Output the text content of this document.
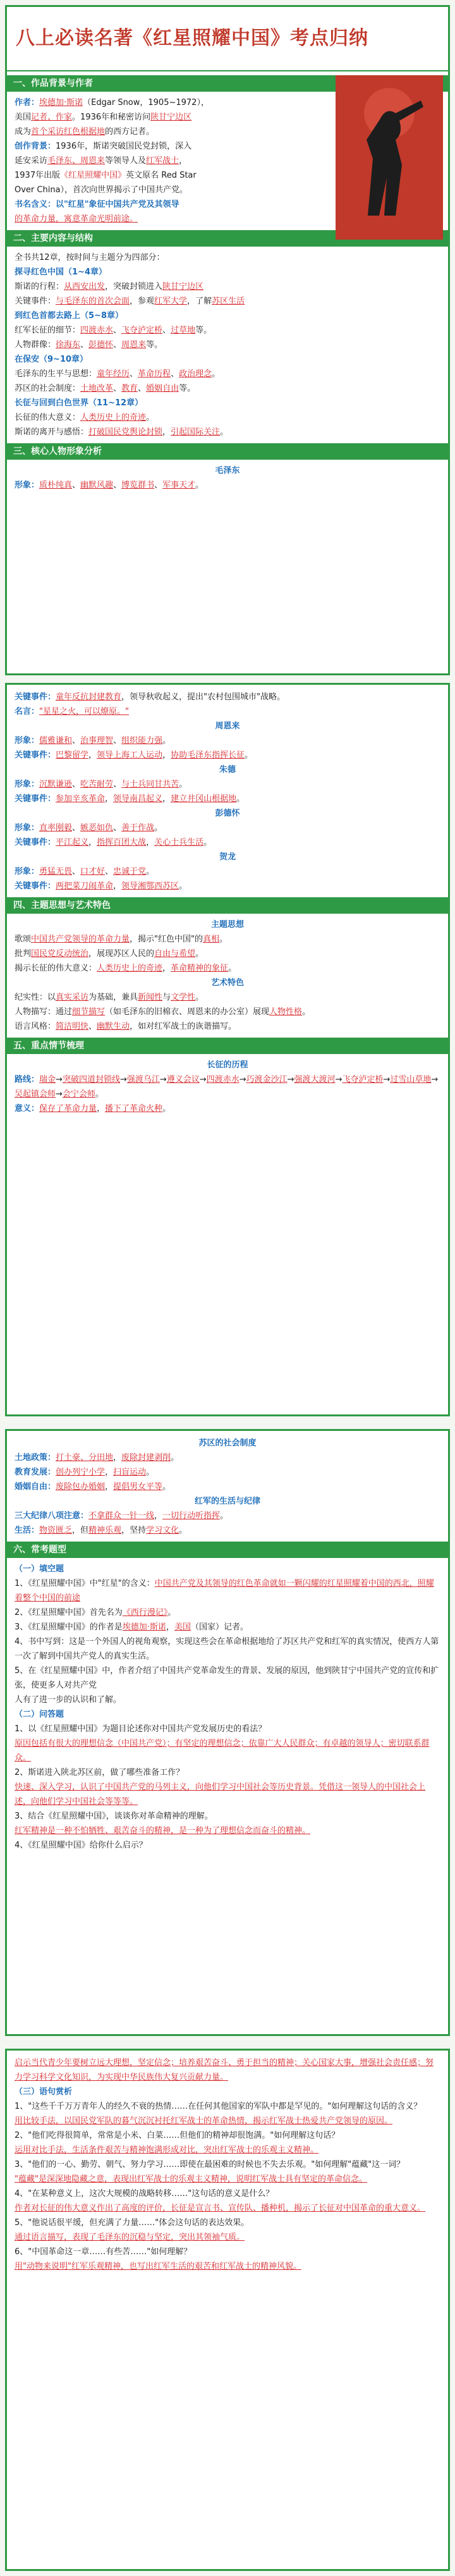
八上必读名著《红星照耀中国》考点归纳
一、作品背景与作者
作者：埃德加·斯诺（Edgar Snow，1905~1972），
美国记者、作家。1936年和秘密访问陕甘宁边区
成为首个采访红色根据地的西方记者。
创作背景：1936年，斯诺突破国民党封锁，深入
延安采访毛泽东、周恩来等领导人及红军战士，
1937年出版《红星照耀中国》英文原名 Red Star
Over China），首次向世界揭示了中国共产党。
书名含义：以"红星"象征中国共产党及其领导
的革命力量，寓意革命光明前途。
二、主要内容与结构
全书共12章，按时间与主题分为四部分：
探寻红色中国（1~4章）
斯诺的行程：从西安出发，突破封锁进入陕甘宁边区
关键事件：与毛泽东的首次会面，参观红军大学，了解苏区生活
到红色首都去路上（5~8章）
红军长征的细节：四渡赤水、飞夺泸定桥、过草地等。
人物群像：徐海东、彭德怀、周恩来等。
在保安（9~10章）
毛泽东的生平与思想：童年经历、革命历程、政治理念。
苏区的社会制度：土地改革、教育、婚姻自由等。
长征与回到白色世界（11~12章）
长征的伟大意义：人类历史上的奇迹。
斯诺的离开与感悟：打破国民党舆论封锁，引起国际关注。
三、核心人物形象分析
毛泽东
形象：质朴纯真、幽默风趣、博览群书、军事天才。
关键事件：童年反抗封建教育，领导秋收起义，提出"农村包围城市"战略。
名言："星星之火，可以燎原。"
周恩来
形象：儒雅谦和、治事理智、组织能力强。
关键事件：巴黎留学，领导上海工人运动，协助毛泽东指挥长征。
朱德
形象：沉默谦逊、吃苦耐劳、与士兵同甘共苦。
关键事件：参加辛亥革命，领导南昌起义，建立井冈山根据地。
彭德怀
形象：直率刚毅、嫉恶如仇、善于作战。
关键事件：平江起义，指挥百团大战，关心士兵生活。
贺龙
形象：勇猛无畏、口才好、忠诚于党。
关键事件：两把菜刀闹革命，领导湘鄂西苏区。
四、主题思想与艺术特色
主题思想
歌颂中国共产党领导的革命力量，揭示"红色中国"的真相。
批判国民党反动统治，展现苏区人民的自由与希望。
揭示长征的伟大意义：人类历史上的奇迹，革命精神的象征。
艺术特色
纪实性：以真实采访为基础，兼具新闻性与文学性。
人物描写：通过细节描写（如毛泽东的旧棉衣、周恩来的办公室）展现人物性格。
语言风格：简洁明快、幽默生动，如对红军战士的诙谐描写。
五、重点情节梳理
长征的历程
路线：瑞金→突破四道封锁线→强渡乌江→遵义会议→四渡赤水→巧渡金沙江→强渡大渡河→飞夺泸定桥→过雪山草地→吴起镇会师→会宁会师。
意义：保存了革命力量，播下了革命火种。
苏区的社会制度
土地政策：打土豪、分田地，废除封建剥削。
教育发展：创办列宁小学，扫盲运动。
婚姻自由：废除包办婚姻，提倡男女平等。
红军的生活与纪律
三大纪律八项注意：不拿群众一针一线，一切行动听指挥。
生活：物资匮乏，但精神乐观，坚持学习文化。
六、常考题型
（一）填空题
1、《红星照耀中国》中"红星"的含义：中国共产党及其领导的红色革命就如一颗闪耀的红星照耀着中国的西北，照耀着整个中国的前途
2、《红星照耀中国》首先名为《西行漫记》。
3、《红星照耀中国》的作者是埃德加·斯诺，美国（国家）记者。
4、书中写到：这是一个外国人的视角观察，实现这些会在革命根据地给了苏区共产党和红军的真实情况，使西方人第一次了解到中国共产党人的真实生活。
5、在《红星照耀中国》中，作者介绍了中国共产党革命发生的背景、发展的原因，他到陕甘宁中国共产党的宣传和扩张，使更多人对共产党
人有了进一步的认识和了解。
（二）问答题
1、以《红星照耀中国》为题目论述你对中国共产党发展历史的看法？
原因包括有很大的理想信念（中国共产党）；有坚定的理想信念；依靠广大人民群众；有卓越的领导人；密切联系群众。
2、斯诺进入陕北苏区前，做了哪些准备工作？
快速、深入学习，认识了中国共产党的马列主义，向他们学习中国社会等历史背景。凭借这一领导人的中国社会上述，向他们学习中国社会等等等。
3、结合《红星照耀中国》，谈谈你对革命精神的理解。
红军精神是一种不怕牺牲、艰苦奋斗的精神，是一种为了理想信念而奋斗的精神。
4、《红星照耀中国》给你什么启示？
启示当代青少年要树立远大理想，坚定信念；培养艰苦奋斗、勇于担当的精神；关心国家大事，增强社会责任感；努力学习科学文化知识，为实现中华民族伟大复兴贡献力量。
（三）语句赏析
1、"这些千千万万青年人的经久不衰的热情……在任何其他国家的军队中都是罕见的。"如何理解这句话的含义？
用比较手法，以国民党军队的暮气沉沉衬托红军战士的革命热情，揭示红军战士热爱共产党领导的原因。
2、"他们吃得很简单，常常是小米、白菜……但他们的精神却很饱满。"如何理解这句话？
运用对比手法，生活条件艰苦与精神饱满形成对比，突出红军战士的乐观主义精神。
3、"他们的一心、勤劳、朝气、努力学习……即使在最困难的时候也不失去乐观。"如何理解"蕴藏"这一词？
"蕴藏"是深深地隐藏之意，表现出红军战士的乐观主义精神，说明红军战士具有坚定的革命信念。
4、"在某种意义上，这次大规模的战略转移……"这句话的意义是什么？
作者对长征的伟大意义作出了高度的评价，长征是宣言书、宣传队、播种机，揭示了长征对中国革命的重大意义。
5、"他说话很平缓，但充满了力量……"体会这句话的表达效果。
通过语言描写，表现了毛泽东的沉稳与坚定，突出其领袖气质。
6、"中国革命这一章……有些苦……"如何理解？
用"动物来说明"红军乐观精神，也写出红军生活的艰苦和红军战士的精神风貌。
